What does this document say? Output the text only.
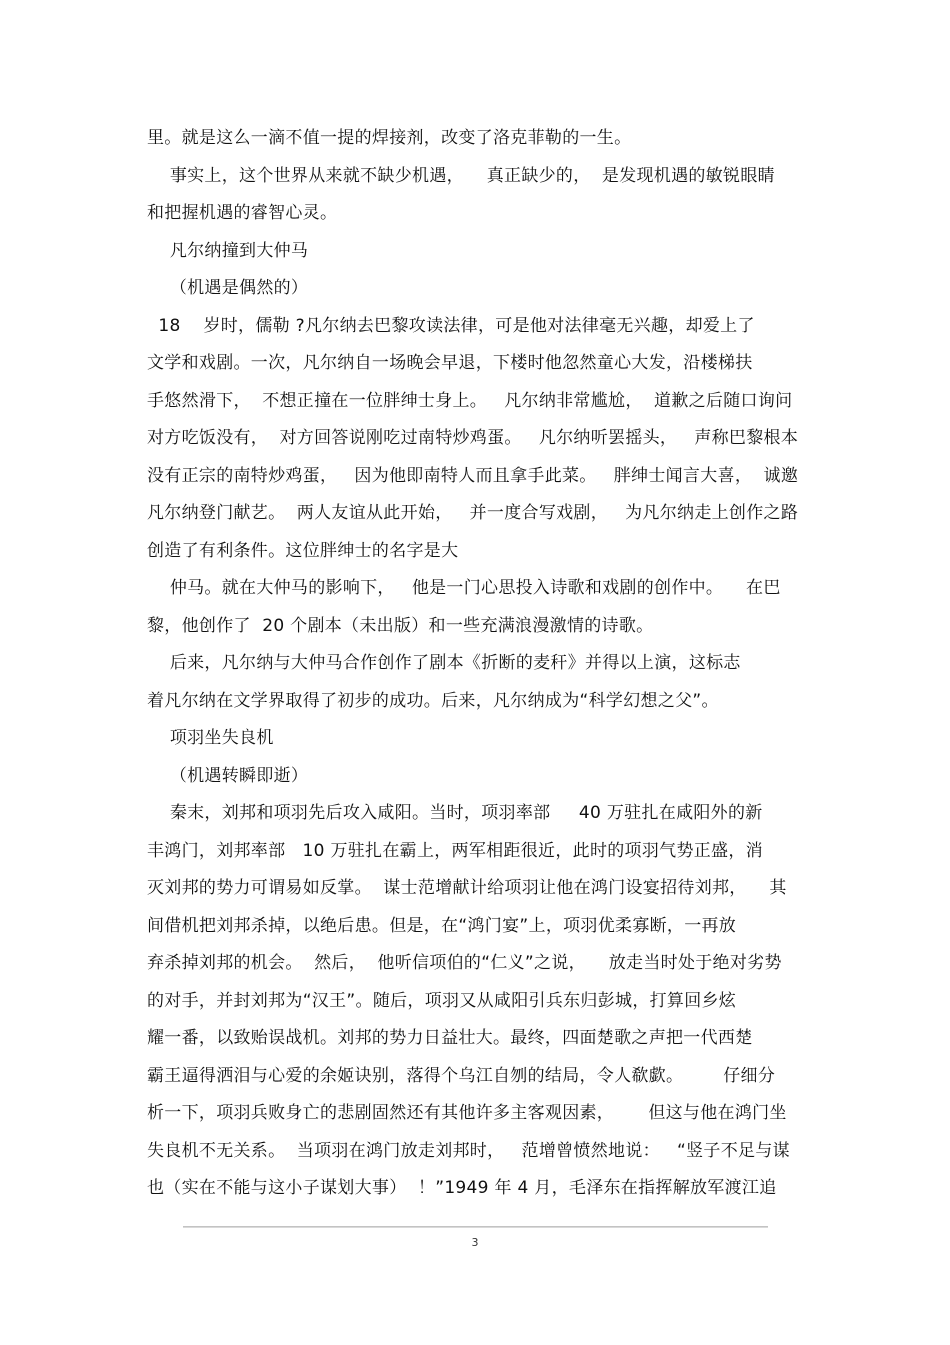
里。就是这么一滴不值一提的焊接剂，改变了洛克菲勒的一生。
事实上，这个世界从来就不缺少机遇，    真正缺少的，  是发现机遇的敏锐眼睛
和把握机遇的睿智心灵。
凡尔纳撞到大仲马
（机遇是偶然的）
18    岁时，儒勒 ?凡尔纳去巴黎攻读法律，可是他对法律毫无兴趣，却爱上了
文学和戏剧。一次，凡尔纳自一场晚会早退，下楼时他忽然童心大发，沿楼梯扶
手悠然滑下，  不想正撞在一位胖绅士身上。   凡尔纳非常尴尬，  道歉之后随口询问
对方吃饭没有，  对方回答说刚吃过南特炒鸡蛋。   凡尔纳听罢摇头，   声称巴黎根本
没有正宗的南特炒鸡蛋，   因为他即南特人而且拿手此菜。   胖绅士闻言大喜，  诚邀
凡尔纳登门献艺。  两人友谊从此开始，   并一度合写戏剧，   为凡尔纳走上创作之路
创造了有利条件。这位胖绅士的名字是大
仲马。就在大仲马的影响下，   他是一门心思投入诗歌和戏剧的创作中。    在巴
黎，他创作了  20 个剧本（未出版）和一些充满浪漫激情的诗歌。
后来，凡尔纳与大仲马合作创作了剧本《折断的麦秆》并得以上演，这标志
着凡尔纳在文学界取得了初步的成功。后来，凡尔纳成为“科学幻想之父”。
项羽坐失良机
（机遇转瞬即逝）
秦末，刘邦和项羽先后攻入咸阳。当时，项羽率部     40 万驻扎在咸阳外的新
丰鸿门，刘邦率部   10 万驻扎在霸上，两军相距很近，此时的项羽气势正盛，消
灭刘邦的势力可谓易如反掌。  谋士范增献计给项羽让他在鸿门设宴招待刘邦，    其
间借机把刘邦杀掉，以绝后患。但是，在“鸿门宴”上，项羽优柔寡断，一再放
弃杀掉刘邦的机会。  然后，  他听信项伯的“仁义”之说，    放走当时处于绝对劣势
的对手，并封刘邦为“汉王”。随后，项羽又从咸阳引兵东归彭城，打算回乡炫
耀一番，以致贻误战机。刘邦的势力日益壮大。最终，四面楚歌之声把一代西楚
霸王逼得洒泪与心爱的余姬诀别，落得个乌江自刎的结局，令人欷歔。       仔细分
析一下，项羽兵败身亡的悲剧固然还有其他许多主客观因素，      但这与他在鸿门坐
失良机不无关系。  当项羽在鸿门放走刘邦时，   范增曾愤然地说：   “竖子不足与谋
也（实在不能与这小子谋划大事）  ！”1949 年 4 月，毛泽东在指挥解放军渡江追
3
